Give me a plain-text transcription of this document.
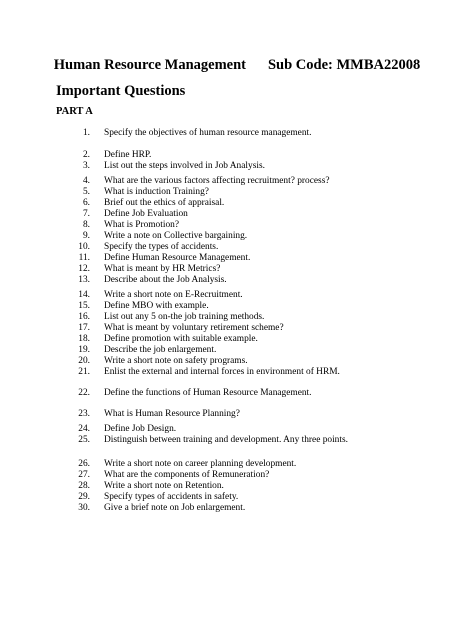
Human Resource Management Sub Code: MMBA22008
Important Questions
PART A
1. Specify the objectives of human resource management.
2. Define HRP.
3. List out the steps involved in Job Analysis.
4. What are the various factors affecting recruitment? process?
5. What is induction Training?
6. Brief out the ethics of appraisal.
7. Define Job Evaluation
8. What is Promotion?
9. Write a note on Collective bargaining.
10. Specify the types of accidents.
11. Define Human Resource Management.
12. What is meant by HR Metrics?
13. Describe about the Job Analysis.
14. Write a short note on E-Recruitment.
15. Define MBO with example.
16. List out any 5 on-the job training methods.
17. What is meant by voluntary retirement scheme?
18. Define promotion with suitable example.
19. Describe the job enlargement.
20. Write a short note on safety programs.
21. Enlist the external and internal forces in environment of HRM.
22. Define the functions of Human Resource Management.
23. What is Human Resource Planning?
24. Define Job Design.
25. Distinguish between training and development. Any three points.
26. Write a short note on career planning development.
27. What are the components of Remuneration?
28. Write a short note on Retention.
29. Specify types of accidents in safety.
30. Give a brief note on Job enlargement.
